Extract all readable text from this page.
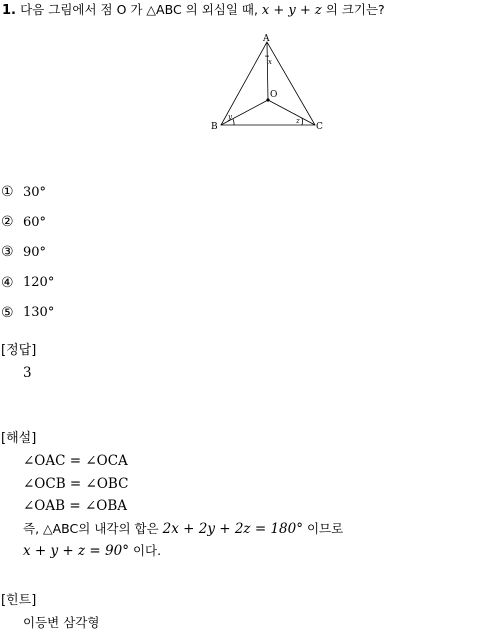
1. 다음 그림에서 점 O 가 △ABC 의 외심일 때, x + y + z 의 크기는?
A
B	C
O
x
y	z
① 30°
② 60°
③ 90°
④ 120°
⑤ 130°
[정답]
3
[해설]
∠OAC = ∠OCA
∠OCB = ∠OBC
∠OAB = ∠OBA
즉, △ABC의 내각의 합은 2x + 2y + 2z = 180° 이므로
x + y + z = 90° 이다.
[힌트]
이등변 삼각형
